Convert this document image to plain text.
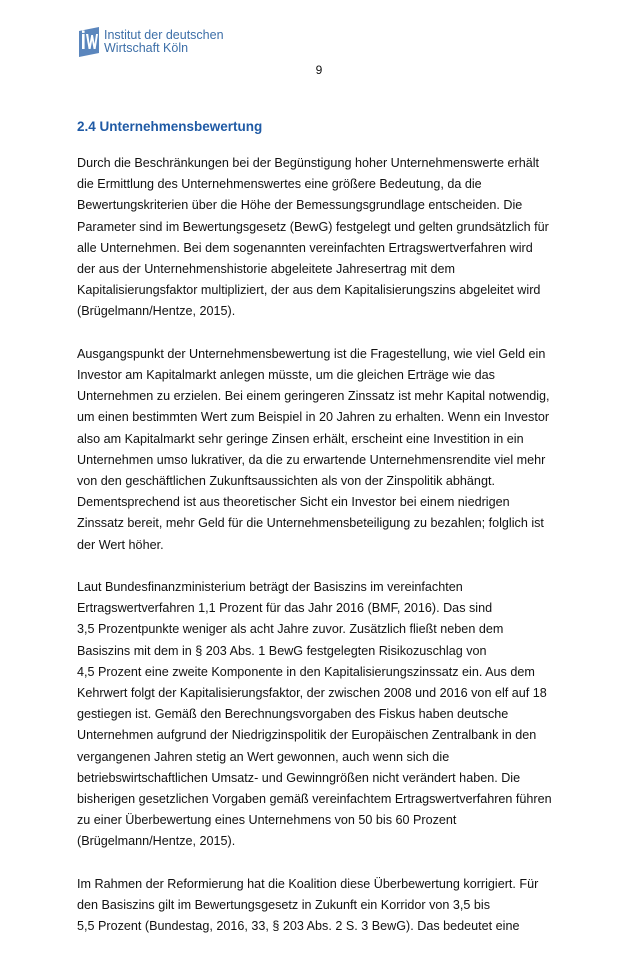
Institut der deutschen
Wirtschaft Köln
9
2.4 Unternehmensbewertung

Durch die Beschränkungen bei der Begünstigung hoher Unternehmenswerte erhält
die Ermittlung des Unternehmenswertes eine größere Bedeutung, da die
Bewertungskriterien über die Höhe der Bemessungsgrundlage entscheiden. Die
Parameter sind im Bewertungsgesetz (BewG) festgelegt und gelten grundsätzlich für
alle Unternehmen. Bei dem sogenannten vereinfachten Ertragswertverfahren wird
der aus der Unternehmenshistorie abgeleitete Jahresertrag mit dem
Kapitalisierungsfaktor multipliziert, der aus dem Kapitalisierungszins abgeleitet wird
(Brügelmann/Hentze, 2015).

Ausgangspunkt der Unternehmensbewertung ist die Fragestellung, wie viel Geld ein
Investor am Kapitalmarkt anlegen müsste, um die gleichen Erträge wie das
Unternehmen zu erzielen. Bei einem geringeren Zinssatz ist mehr Kapital notwendig,
um einen bestimmten Wert zum Beispiel in 20 Jahren zu erhalten. Wenn ein Investor
also am Kapitalmarkt sehr geringe Zinsen erhält, erscheint eine Investition in ein
Unternehmen umso lukrativer, da die zu erwartende Unternehmensrendite viel mehr
von den geschäftlichen Zukunftsaussichten als von der Zinspolitik abhängt.
Dementsprechend ist aus theoretischer Sicht ein Investor bei einem niedrigen
Zinssatz bereit, mehr Geld für die Unternehmensbeteiligung zu bezahlen; folglich ist
der Wert höher.

Laut Bundesfinanzministerium beträgt der Basiszins im vereinfachten
Ertragswertverfahren 1,1 Prozent für das Jahr 2016 (BMF, 2016). Das sind
3,5 Prozentpunkte weniger als acht Jahre zuvor. Zusätzlich fließt neben dem
Basiszins mit dem in § 203 Abs. 1 BewG festgelegten Risikozuschlag von
4,5 Prozent eine zweite Komponente in den Kapitalisierungszinssatz ein. Aus dem
Kehrwert folgt der Kapitalisierungsfaktor, der zwischen 2008 und 2016 von elf auf 18
gestiegen ist. Gemäß den Berechnungsvorgaben des Fiskus haben deutsche
Unternehmen aufgrund der Niedrigzinspolitik der Europäischen Zentralbank in den
vergangenen Jahren stetig an Wert gewonnen, auch wenn sich die
betriebswirtschaftlichen Umsatz- und Gewinngrößen nicht verändert haben. Die
bisherigen gesetzlichen Vorgaben gemäß vereinfachtem Ertragswertverfahren führen
zu einer Überbewertung eines Unternehmens von 50 bis 60 Prozent
(Brügelmann/Hentze, 2015).

Im Rahmen der Reformierung hat die Koalition diese Überbewertung korrigiert. Für
den Basiszins gilt im Bewertungsgesetz in Zukunft ein Korridor von 3,5 bis
5,5 Prozent (Bundestag, 2016, 33, § 203 Abs. 2 S. 3 BewG). Das bedeutet eine
